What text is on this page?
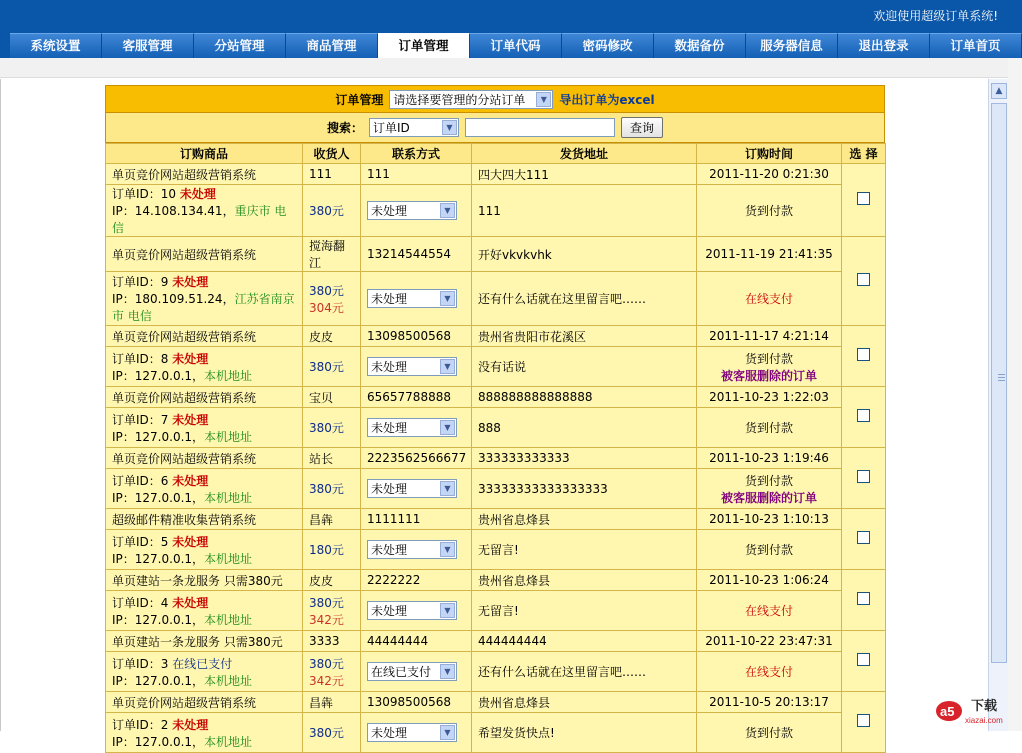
欢迎使用超级订单系统!
系统设置	客服管理	分站管理	商品管理	订单管理	订单代码	密码修改	数据备份	服务器信息	退出登录	订单首页
订单管理 请选择要管理的分站订单	▼	导出订单为excel
搜索： 订单ID	▼	查询
订购商品	收货人	联系方式	发货地址	订购时间	选 择
单页竞价网站超级营销系统	111	111	四大四大111	2011-11-20 0:21:30	
订单ID：10 未处理
IP：14.108.134.41，重庆市 电信	380元	未处理 ▼	111	货到付款	

单页竞价网站超级营销系统	搅海翻江	13214544554	开好vkvkvhk	2011-11-19 21:41:35	
订单ID：9 未处理
IP：180.109.51.24，江苏省南京市 电信	380元
304元	未处理 ▼	还有什么话就在这里留言吧……	在线支付	

单页竞价网站超级营销系统	皮皮	13098500568	贵州省贵阳市花溪区	2011-11-17 4:21:14	
订单ID：8 未处理
IP：127.0.0.1，本机地址	380元	未处理 ▼	没有话说	货到付款
被客服删除的订单	

单页竞价网站超级营销系统	宝贝	65657788888	888888888888888	2011-10-23 1:22:03	
订单ID：7 未处理
IP：127.0.0.1，本机地址	380元	未处理 ▼	888	货到付款	

单页竞价网站超级营销系统	站长	2223562566677	333333333333	2011-10-23 1:19:46	
订单ID：6 未处理
IP：127.0.0.1，本机地址	380元	未处理 ▼	33333333333333333	货到付款
被客服删除的订单	

超级邮件精准收集营销系统	昌犇	1111111	贵州省息烽县	2011-10-23 1:10:13	
订单ID：5 未处理
IP：127.0.0.1，本机地址	180元	未处理 ▼	无留言!	货到付款	

单页建站一条龙服务 只需380元	皮皮	2222222	贵州省息烽县	2011-10-23 1:06:24	
订单ID：4 未处理
IP：127.0.0.1，本机地址	380元
342元	未处理 ▼	无留言!	在线支付	

单页建站一条龙服务 只需380元	3333	44444444	444444444	2011-10-22 23:47:31	
订单ID：3 在线已支付
IP：127.0.0.1，本机地址	380元
342元	在线已支付 ▼	还有什么话就在这里留言吧……	在线支付	

单页竞价网站超级营销系统	昌犇	13098500568	贵州省息烽县	2011-10-5 20:13:17	
订单ID：2 未处理
IP：127.0.0.1，本机地址	380元	未处理 ▼	希望发货快点!	货到付款	
▲
a5 下载
xiazai.com
